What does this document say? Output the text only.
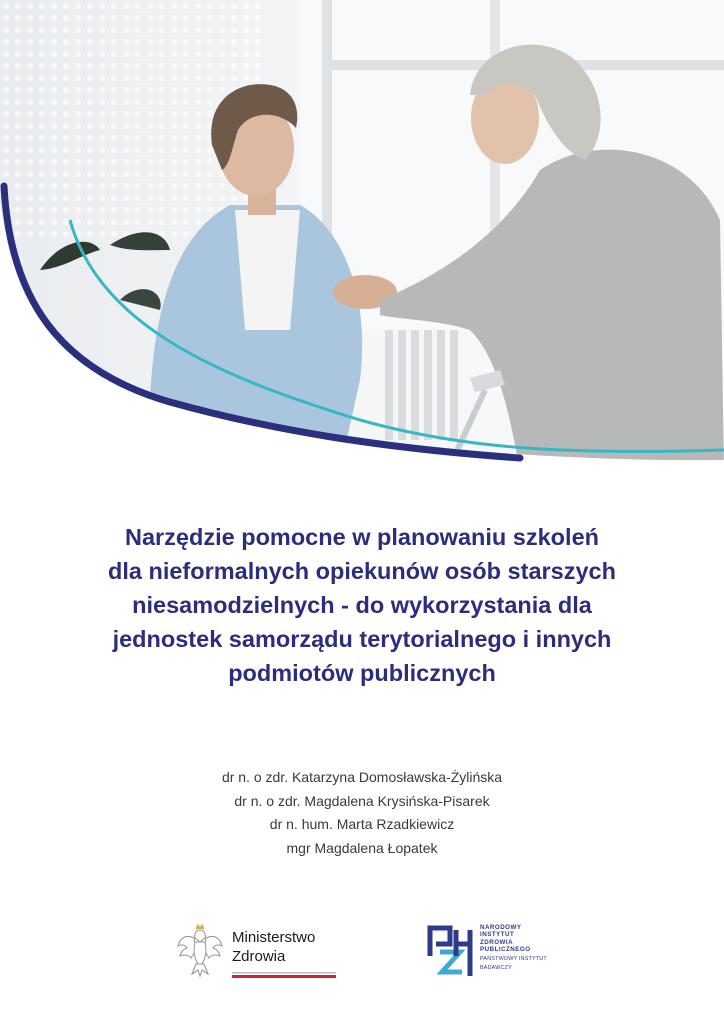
Narzędzie pomocne w planowaniu szkoleń
dla nieformalnych opiekunów osób starszych
niesamodzielnych - do wykorzystania dla
jednostek samorządu terytorialnego i innych
podmiotów publicznych
dr n. o zdr. Katarzyna Domosławska-Żylińska
dr n. o zdr. Magdalena Krysińska-Pisarek
dr n. hum. Marta Rzadkiewicz
mgr Magdalena Łopatek
Ministerstwo
Zdrowia
NARODOWY
INSTYTUT
ZDROWIA
PUBLICZNEGO
PAŃSTWOWY INSTYTUT
BADAWCZY
